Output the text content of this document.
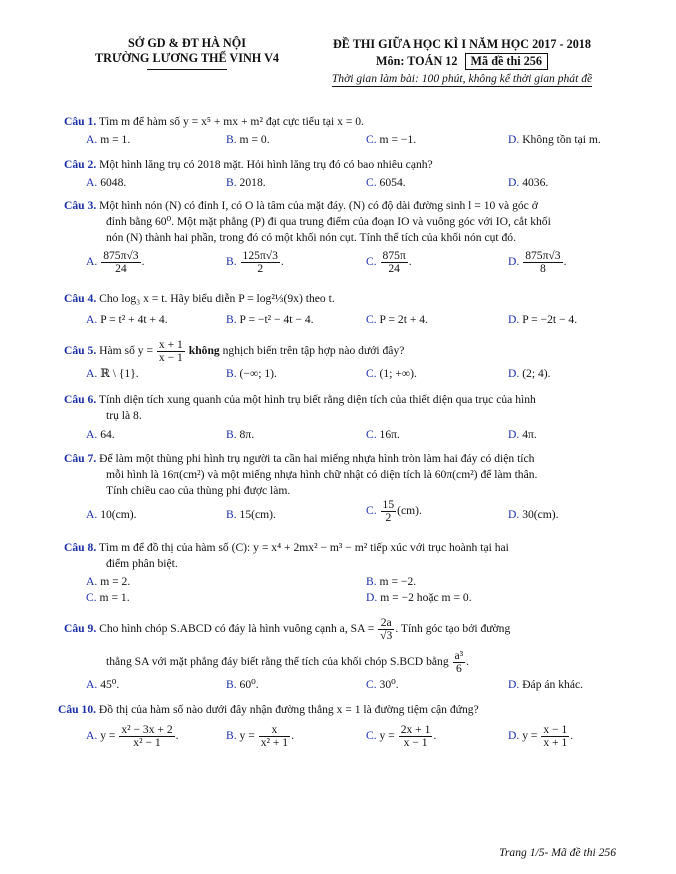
SỞ GD & ĐT HÀ NỘI
TRƯỜNG LƯƠNG THẾ VINH V4
ĐỀ THI GIỮA HỌC KÌ I NĂM HỌC 2017 - 2018
Môn: TOÁN 12 Mã đề thi 256
Thời gian làm bài: 100 phút, không kể thời gian phát đề
Câu 1. Tìm m để hàm số y = x⁵ + mx + m² đạt cực tiểu tại x = 0.
A. m = 1.	B. m = 0.	C. m = −1.	D. Không tồn tại m.
Câu 2. Một hình lăng trụ có 2018 mặt. Hỏi hình lăng trụ đó có bao nhiêu cạnh?
A. 6048.	B. 2018.	C. 6054.	D. 4036.
Câu 3. Một hình nón (N) có đỉnh I, có O là tâm của mặt đáy. (N) có độ dài đường sinh l = 10 và góc ở
đỉnh bằng 60⁰. Một mặt phẳng (P) đi qua trung điểm của đoạn IO và vuông góc với IO, cắt khối
nón (N) thành hai phần, trong đó có một khối nón cụt. Tính thể tích của khối nón cụt đó.
A. $\frac{875\pi√3}{24}$ .	B. $\frac{125\pi√3}{2}$ .	C. $\frac{875\pi}{24}$ .	D. $\frac{875\pi√3}{8}$ .
Câu 4. Cho log₃ x = t. Hãy biểu diễn P = log²⅓(9x) theo t.
A. P = t² + 4t + 4.	B. P = −t² − 4t − 4.	C. P = 2t + 4.	D. P = −2t − 4.
Câu 5. Hàm số $y = \frac{x + 1}{x - 1}$ không nghịch biến trên tập hợp nào dưới đây?
A. ℝ \ {1}.	B. (−∞; 1).	C. (1; +∞).	D. (2; 4).
Câu 6. Tính diện tích xung quanh của một hình trụ biết rằng diện tích của thiết diện qua trục của hình
trụ là 8.
A. 64.	B. 8π.	C. 16π.	D. 4π.
Câu 7. Để làm một thùng phi hình trụ người ta cần hai miếng nhựa hình tròn làm hai đáy có diện tích
mỗi hình là 16π(cm²) và một miếng nhựa hình chữ nhật có diện tích là 60π(cm²) để làm thân.
Tính chiều cao của thùng phi được làm.
A. 10(cm).	B. 15(cm).	C. $\frac{15}{2} (cm)$.	D. 30(cm).
Câu 8. Tìm m để đồ thị của hàm số (C): y = x⁴ + 2mx² − m³ − m² tiếp xúc với trục hoành tại hai
điểm phân biệt.
A. m = 2.	B. m = −2.
C. m = 1.	D. m = −2 hoặc m = 0.
Câu 9. Cho hình chóp S.ABCD có đáy là hình vuông cạnh a, SA = $\frac{2a}{√3}$ . Tính góc tạo bởi đường
thẳng SA với mặt phẳng đáy biết rằng thể tích của khối chóp S.BCD bằng $\frac{\text{a³}}{6}$ .
A. 45⁰.	B. 60⁰.	C. 30⁰.	D. Đáp án khác.
Câu 10. Đồ thị của hàm số nào dưới đây nhận đường thẳng x = 1 là đường tiệm cận đứng?
A. $y = \frac{\text{x² − 3x + 2}}{\text{x² − 1}}$ .	B. $y = \frac{x}{\text{x² + 1}}$ .	C. $y = \frac{2x + 1}{x - 1}$ .	D. $y = \frac{x - 1}{x + 1}$ .
Trang 1/5- Mã đề thi 256
